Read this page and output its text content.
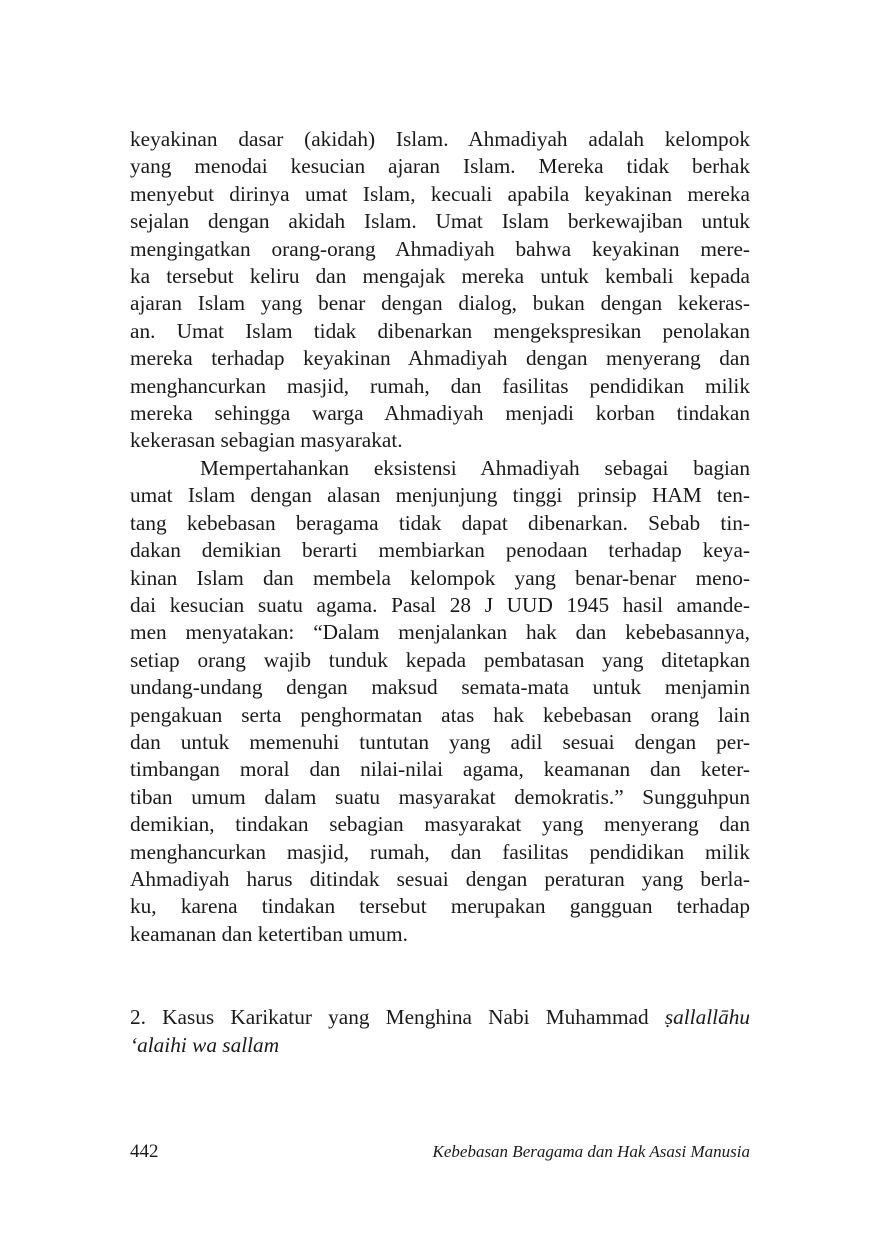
keyakinan dasar (akidah) Islam. Ahmadiyah adalah kelompok
yang menodai kesucian ajaran Islam. Mereka tidak berhak
menyebut dirinya umat Islam, kecuali apabila keyakinan mereka
sejalan dengan akidah Islam. Umat Islam berkewajiban untuk
mengingatkan orang-orang Ahmadiyah bahwa keyakinan mere-
ka tersebut keliru dan mengajak mereka untuk kembali kepada
ajaran Islam yang benar dengan dialog, bukan dengan kekeras-
an. Umat Islam tidak dibenarkan mengekspresikan penolakan
mereka terhadap keyakinan Ahmadiyah dengan menyerang dan
menghancurkan masjid, rumah, dan fasilitas pendidikan milik
mereka sehingga warga Ahmadiyah menjadi korban tindakan
kekerasan sebagian masyarakat.

Mempertahankan eksistensi Ahmadiyah sebagai bagian
umat Islam dengan alasan menjunjung tinggi prinsip HAM ten-
tang kebebasan beragama tidak dapat dibenarkan. Sebab tin-
dakan demikian berarti membiarkan penodaan terhadap keya-
kinan Islam dan membela kelompok yang benar-benar meno-
dai kesucian suatu agama. Pasal 28 J UUD 1945 hasil amande-
men menyatakan: “Dalam menjalankan hak dan kebebasannya,
setiap orang wajib tunduk kepada pembatasan yang ditetapkan
undang-undang dengan maksud semata-mata untuk menjamin
pengakuan serta penghormatan atas hak kebebasan orang lain
dan untuk memenuhi tuntutan yang adil sesuai dengan per-
timbangan moral dan nilai-nilai agama, keamanan dan keter-
tiban umum dalam suatu masyarakat demokratis.” Sungguhpun
demikian, tindakan sebagian masyarakat yang menyerang dan
menghancurkan masjid, rumah, dan fasilitas pendidikan milik
Ahmadiyah harus ditindak sesuai dengan peraturan yang berla-
ku, karena tindakan tersebut merupakan gangguan terhadap
keamanan dan ketertiban umum.

2. Kasus Karikatur yang Menghina Nabi Muhammad ṣallallāhu
‘alaihi wa sallam
442	Kebebasan Beragama dan Hak Asasi Manusia
